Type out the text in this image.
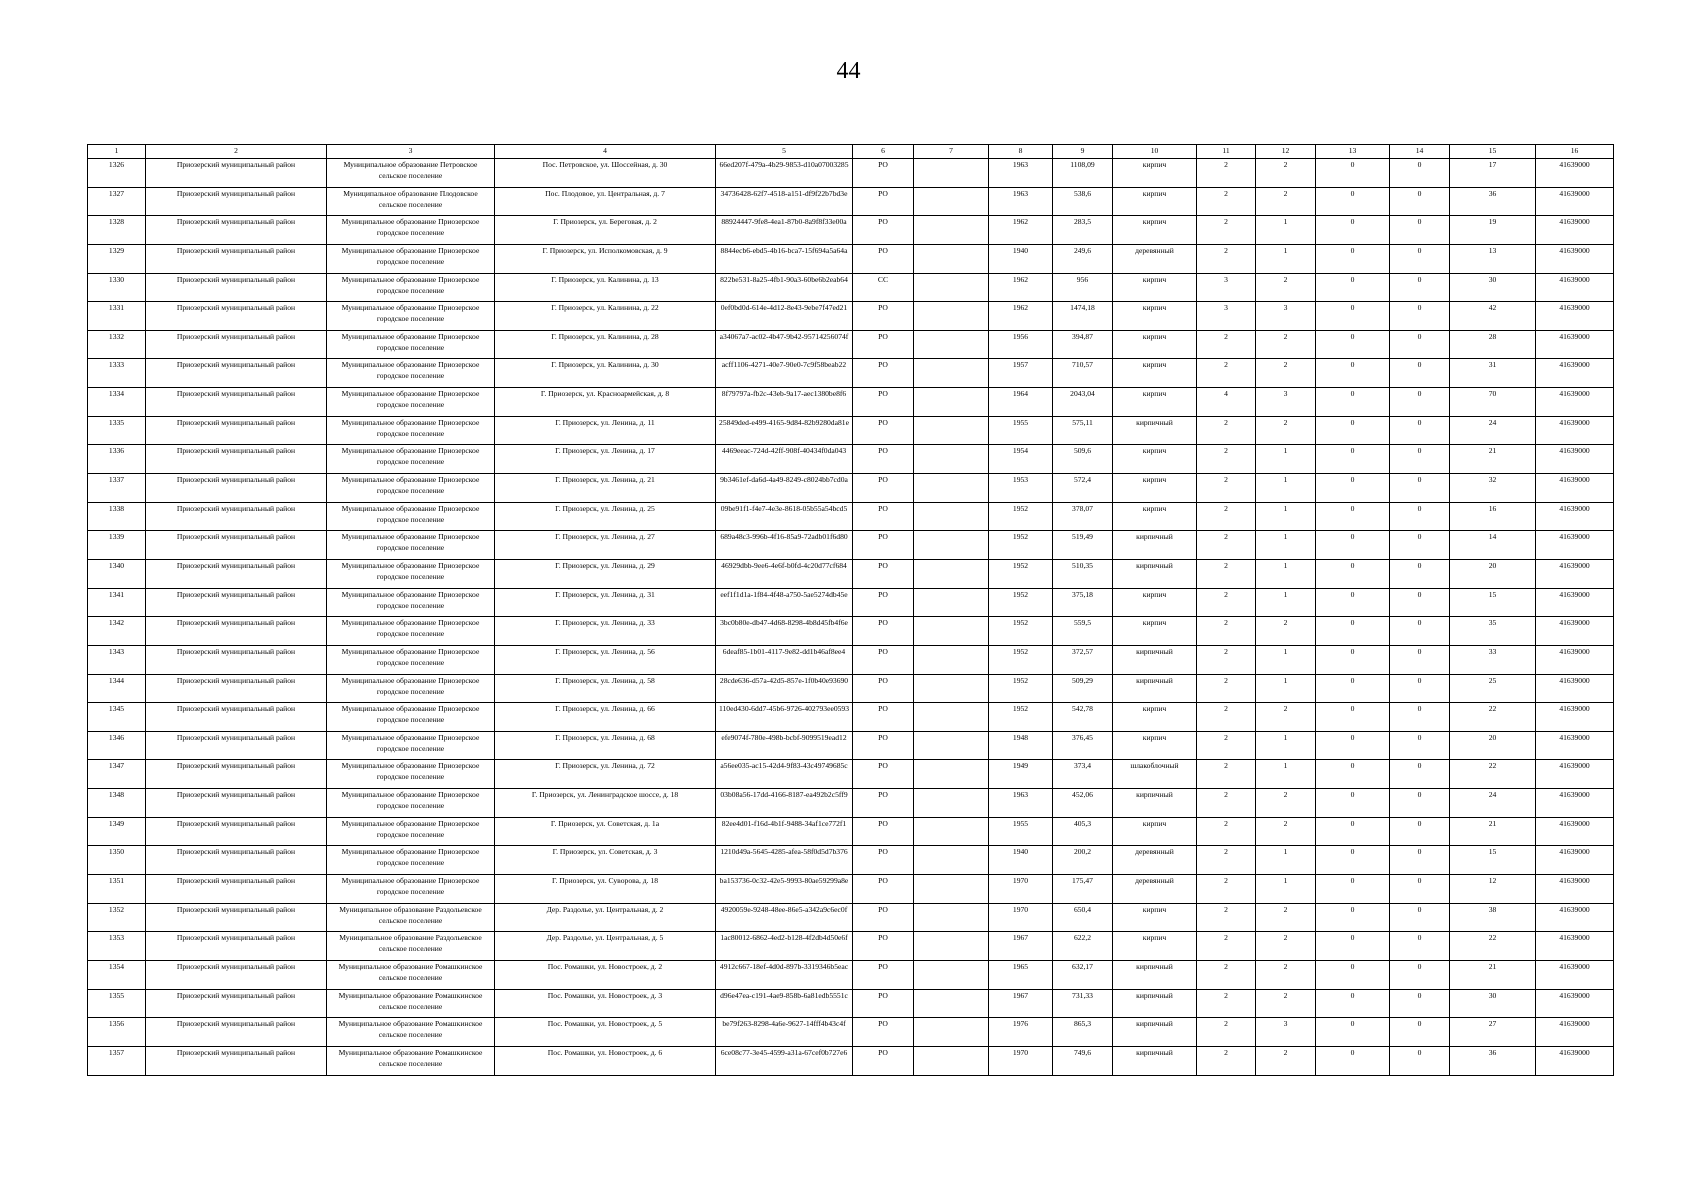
44
1	2	3	4	5	6	7	8	9	10	11	12	13	14	15	16
1326	Приозерский муниципальный район	Муниципальное образование Петровское сельское поселение	Пос. Петровское, ул. Шоссейная, д. 30	66ed207f-479a-4b29-9853-d10a07003285	РО		1963	1108,09	кирпич	2	2	0	0	17	41639000
1327	Приозерский муниципальный район	Муниципальное образование Плодовское сельское поселение	Пос. Плодовое, ул. Центральная, д. 7	34736428-62f7-4518-a151-df9f22b7bd3e	РО		1963	538,6	кирпич	2	2	0	0	36	41639000
1328	Приозерский муниципальный район	Муниципальное образование Приозерское городское поселение	Г. Приозерск, ул. Береговая, д. 2	88924447-9fe8-4ea1-87b0-8a9f8f33e00a	РО		1962	283,5	кирпич	2	1	0	0	19	41639000
1329	Приозерский муниципальный район	Муниципальное образование Приозерское городское поселение	Г. Приозерск, ул. Исполкомовская, д. 9	8844ecb6-ebd5-4b16-bca7-15f694a5a64a	РО		1940	249,6	деревянный	2	1	0	0	13	41639000
1330	Приозерский муниципальный район	Муниципальное образование Приозерское городское поселение	Г. Приозерск, ул. Калинина, д. 13	822be531-8a25-4fb1-90a3-60be6b2eab64	СС		1962	956	кирпич	3	2	0	0	30	41639000
1331	Приозерский муниципальный район	Муниципальное образование Приозерское городское поселение	Г. Приозерск, ул. Калинина, д. 22	0ef0bd0d-614e-4d12-8e43-9ebe7f47ed21	РО		1962	1474,18	кирпич	3	3	0	0	42	41639000
1332	Приозерский муниципальный район	Муниципальное образование Приозерское городское поселение	Г. Приозерск, ул. Калинина, д. 28	a34067a7-ac02-4b47-9b42-95714256074f	РО		1956	394,87	кирпич	2	2	0	0	28	41639000
1333	Приозерский муниципальный район	Муниципальное образование Приозерское городское поселение	Г. Приозерск, ул. Калинина, д. 30	acff1106-4271-40e7-90e0-7c9f58beab22	РО		1957	710,57	кирпич	2	2	0	0	31	41639000
1334	Приозерский муниципальный район	Муниципальное образование Приозерское городское поселение	Г. Приозерск, ул. Красноармейская, д. 8	8f79797a-fb2c-43eb-9a17-aec1380be8f6	РО		1964	2043,04	кирпич	4	3	0	0	70	41639000
1335	Приозерский муниципальный район	Муниципальное образование Приозерское городское поселение	Г. Приозерск, ул. Ленина, д. 11	25849ded-e499-4165-9d84-82b9280da81e	РО		1955	575,11	кирпичный	2	2	0	0	24	41639000
1336	Приозерский муниципальный район	Муниципальное образование Приозерское городское поселение	Г. Приозерск, ул. Ленина, д. 17	4469eeac-724d-42ff-908f-40434f0da043	РО		1954	509,6	кирпич	2	1	0	0	21	41639000
1337	Приозерский муниципальный район	Муниципальное образование Приозерское городское поселение	Г. Приозерск, ул. Ленина, д. 21	9b3461ef-da6d-4a49-8249-c8024bb7cd0a	РО		1953	572,4	кирпич	2	1	0	0	32	41639000
1338	Приозерский муниципальный район	Муниципальное образование Приозерское городское поселение	Г. Приозерск, ул. Ленина, д. 25	09be91f1-f4e7-4e3e-8618-05b55a54bcd5	РО		1952	378,07	кирпич	2	1	0	0	16	41639000
1339	Приозерский муниципальный район	Муниципальное образование Приозерское городское поселение	Г. Приозерск, ул. Ленина, д. 27	689a48c3-996b-4f16-85a9-72adb01f6d80	РО		1952	519,49	кирпичный	2	1	0	0	14	41639000
1340	Приозерский муниципальный район	Муниципальное образование Приозерское городское поселение	Г. Приозерск, ул. Ленина, д. 29	46929dbb-9ee6-4e6f-b0fd-4c20d77cf684	РО		1952	510,35	кирпичный	2	1	0	0	20	41639000
1341	Приозерский муниципальный район	Муниципальное образование Приозерское городское поселение	Г. Приозерск, ул. Ленина, д. 31	eef1f1d1a-1f84-4f48-a750-5ae5274db45e	РО		1952	375,18	кирпич	2	1	0	0	15	41639000
1342	Приозерский муниципальный район	Муниципальное образование Приозерское городское поселение	Г. Приозерск, ул. Ленина, д. 33	3bc0b80e-db47-4d68-8298-4b8d45fb4f6e	РО		1952	559,5	кирпич	2	2	0	0	35	41639000
1343	Приозерский муниципальный район	Муниципальное образование Приозерское городское поселение	Г. Приозерск, ул. Ленина, д. 56	6deaf85-1b01-4117-9e82-dd1b46af8ee4	РО		1952	372,57	кирпичный	2	1	0	0	33	41639000
1344	Приозерский муниципальный район	Муниципальное образование Приозерское городское поселение	Г. Приозерск, ул. Ленина, д. 58	28cde636-d57a-42d5-857e-1f0b40e93690	РО		1952	509,29	кирпичный	2	1	0	0	25	41639000
1345	Приозерский муниципальный район	Муниципальное образование Приозерское городское поселение	Г. Приозерск, ул. Ленина, д. 66	110ed430-6dd7-45b6-9726-402793ee0593	РО		1952	542,78	кирпич	2	2	0	0	22	41639000
1346	Приозерский муниципальный район	Муниципальное образование Приозерское городское поселение	Г. Приозерск, ул. Ленина, д. 68	efe9074f-780e-498b-bcbf-9099519ead12	РО		1948	376,45	кирпич	2	1	0	0	20	41639000
1347	Приозерский муниципальный район	Муниципальное образование Приозерское городское поселение	Г. Приозерск, ул. Ленина, д. 72	a56ee035-ac15-42d4-9f83-43c49749685c	РО		1949	373,4	шлакоблочный	2	1	0	0	22	41639000
1348	Приозерский муниципальный район	Муниципальное образование Приозерское городское поселение	Г. Приозерск, ул. Ленинградское шоссе, д. 18	03b08a56-17dd-4166-8187-ea492b2c5ff9	РО		1963	452,06	кирпичный	2	2	0	0	24	41639000
1349	Приозерский муниципальный район	Муниципальное образование Приозерское городское поселение	Г. Приозерск, ул. Советская, д. 1а	82ee4d01-f16d-4b1f-9488-34af1ce772f1	РО		1955	405,3	кирпич	2	2	0	0	21	41639000
1350	Приозерский муниципальный район	Муниципальное образование Приозерское городское поселение	Г. Приозерск, ул. Советская, д. 3	1210d49a-5645-4285-afea-58f0d5d7b376	РО		1940	200,2	деревянный	2	1	0	0	15	41639000
1351	Приозерский муниципальный район	Муниципальное образование Приозерское городское поселение	Г. Приозерск, ул. Суворова, д. 18	ba153736-0c32-42e5-9993-80ae59299a8e	РО		1970	175,47	деревянный	2	1	0	0	12	41639000
1352	Приозерский муниципальный район	Муниципальное образование Раздольевское сельское поселение	Дер. Раздолье, ул. Центральная, д. 2	4920059e-9248-48ee-86e5-a342a9c6ec0f	РО		1970	650,4	кирпич	2	2	0	0	38	41639000
1353	Приозерский муниципальный район	Муниципальное образование Раздольевское сельское поселение	Дер. Раздолье, ул. Центральная, д. 5	1ac80012-6862-4ed2-b128-4f2db4d50e6f	РО		1967	622,2	кирпич	2	2	0	0	22	41639000
1354	Приозерский муниципальный район	Муниципальное образование Ромашкинское сельское поселение	Пос. Ромашки, ул. Новостроек, д. 2	4912c667-18ef-4d0d-897b-3319346b5eac	РО		1965	632,17	кирпичный	2	2	0	0	21	41639000
1355	Приозерский муниципальный район	Муниципальное образование Ромашкинское сельское поселение	Пос. Ромашки, ул. Новостроек, д. 3	d96e47ea-c191-4ae9-858b-6a81edb5551c	РО		1967	731,33	кирпичный	2	2	0	0	30	41639000
1356	Приозерский муниципальный район	Муниципальное образование Ромашкинское сельское поселение	Пос. Ромашки, ул. Новостроек, д. 5	be79f263-8298-4a6e-9627-14fff4b43c4f	РО		1976	865,3	кирпичный	2	3	0	0	27	41639000
1357	Приозерский муниципальный район	Муниципальное образование Ромашкинское сельское поселение	Пос. Ромашки, ул. Новостроек, д. 6	6ce08c77-3e45-4599-a31a-67cef0b727e6	РО		1970	749,6	кирпичный	2	2	0	0	36	41639000
